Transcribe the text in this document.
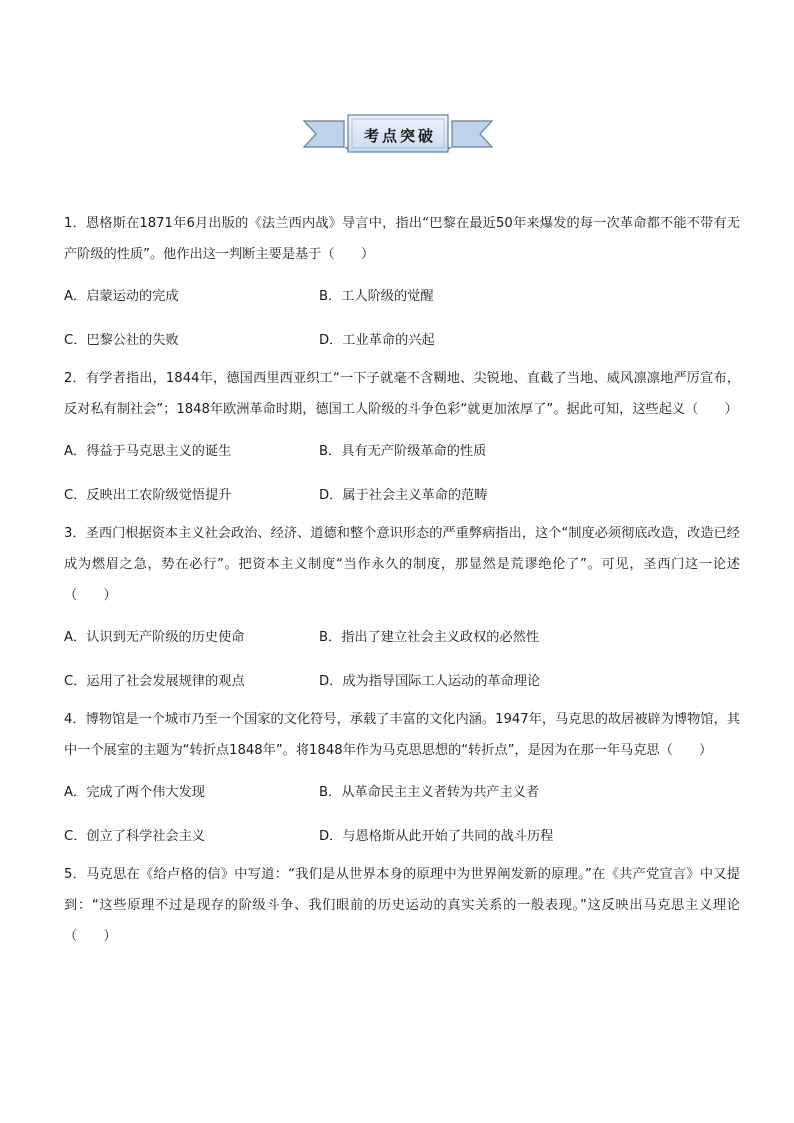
考点突破

1．恩格斯在1871年6月出版的《法兰西内战》导言中，指出“巴黎在最近50年来爆发的每一次革命都不能不带有无产阶级的性质”。他作出这一判断主要是基于（　　）

A．启蒙运动的完成	B．工人阶级的觉醒
C．巴黎公社的失败	D．工业革命的兴起

2．有学者指出，1844年，德国西里西亚织工“一下子就毫不含糊地、尖锐地、直截了当地、威风凛凛地严厉宣布，反对私有制社会”；1848年欧洲革命时期，德国工人阶级的斗争色彩“就更加浓厚了”。据此可知，这些起义（　　）

A．得益于马克思主义的诞生	B．具有无产阶级革命的性质
C．反映出工农阶级觉悟提升	D．属于社会主义革命的范畴

3．圣西门根据资本主义社会政治、经济、道德和整个意识形态的严重弊病指出，这个“制度必须彻底改造，改造已经成为燃眉之急，势在必行”。把资本主义制度“当作永久的制度，那显然是荒谬绝伦了”。可见，圣西门这一论述（　　）

A．认识到无产阶级的历史使命	B．指出了建立社会主义政权的必然性
C．运用了社会发展规律的观点	D．成为指导国际工人运动的革命理论

4．博物馆是一个城市乃至一个国家的文化符号，承载了丰富的文化内涵。1947年，马克思的故居被辟为博物馆，其中一个展室的主题为“转折点1848年”。将1848年作为马克思思想的“转折点”，是因为在那一年马克思（　　）

A．完成了两个伟大发现	B．从革命民主主义者转为共产主义者
C．创立了科学社会主义	D．与恩格斯从此开始了共同的战斗历程

5．马克思在《给卢格的信》中写道：“我们是从世界本身的原理中为世界阐发新的原理。”在《共产党宣言》中又提到：“这些原理不过是现存的阶级斗争、我们眼前的历史运动的真实关系的一般表现。”这反映出马克思主义理论（　　）
